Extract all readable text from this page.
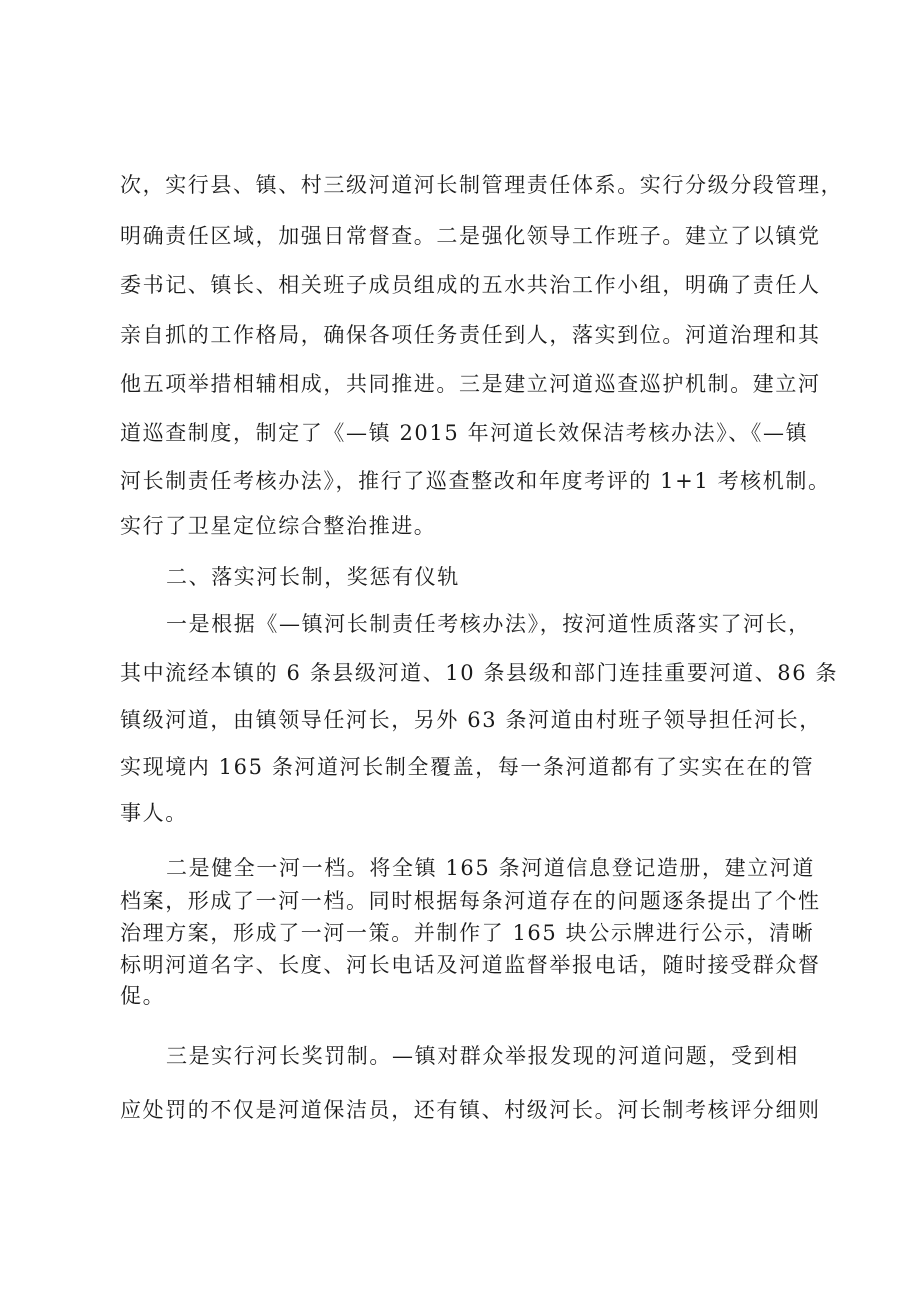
次，实行县、镇、村三级河道河长制管理责任体系。实行分级分段管理，
明确责任区域，加强日常督查。二是强化领导工作班子。建立了以镇党
委书记、镇长、相关班子成员组成的五水共治工作小组，明确了责任人
亲自抓的工作格局，确保各项任务责任到人，落实到位。河道治理和其
他五项举措相辅相成，共同推进。三是建立河道巡查巡护机制。建立河
道巡查制度，制定了《—镇 2015 年河道长效保洁考核办法》、《—镇
河长制责任考核办法》，推行了巡查整改和年度考评的 1+1 考核机制。
实行了卫星定位综合整治推进。
二、落实河长制，奖惩有仪轨
一是根据《—镇河长制责任考核办法》，按河道性质落实了河长，
其中流经本镇的 6 条县级河道、10 条县级和部门连挂重要河道、86 条
镇级河道，由镇领导任河长，另外 63 条河道由村班子领导担任河长，
实现境内 165 条河道河长制全覆盖，每一条河道都有了实实在在的管
事人。
二是健全一河一档。将全镇 165 条河道信息登记造册，建立河道
档案，形成了一河一档。同时根据每条河道存在的问题逐条提出了个性
治理方案，形成了一河一策。并制作了 165 块公示牌进行公示，清晰
标明河道名字、长度、河长电话及河道监督举报电话，随时接受群众督
促。
三是实行河长奖罚制。—镇对群众举报发现的河道问题，受到相
应处罚的不仅是河道保洁员，还有镇、村级河长。河长制考核评分细则
